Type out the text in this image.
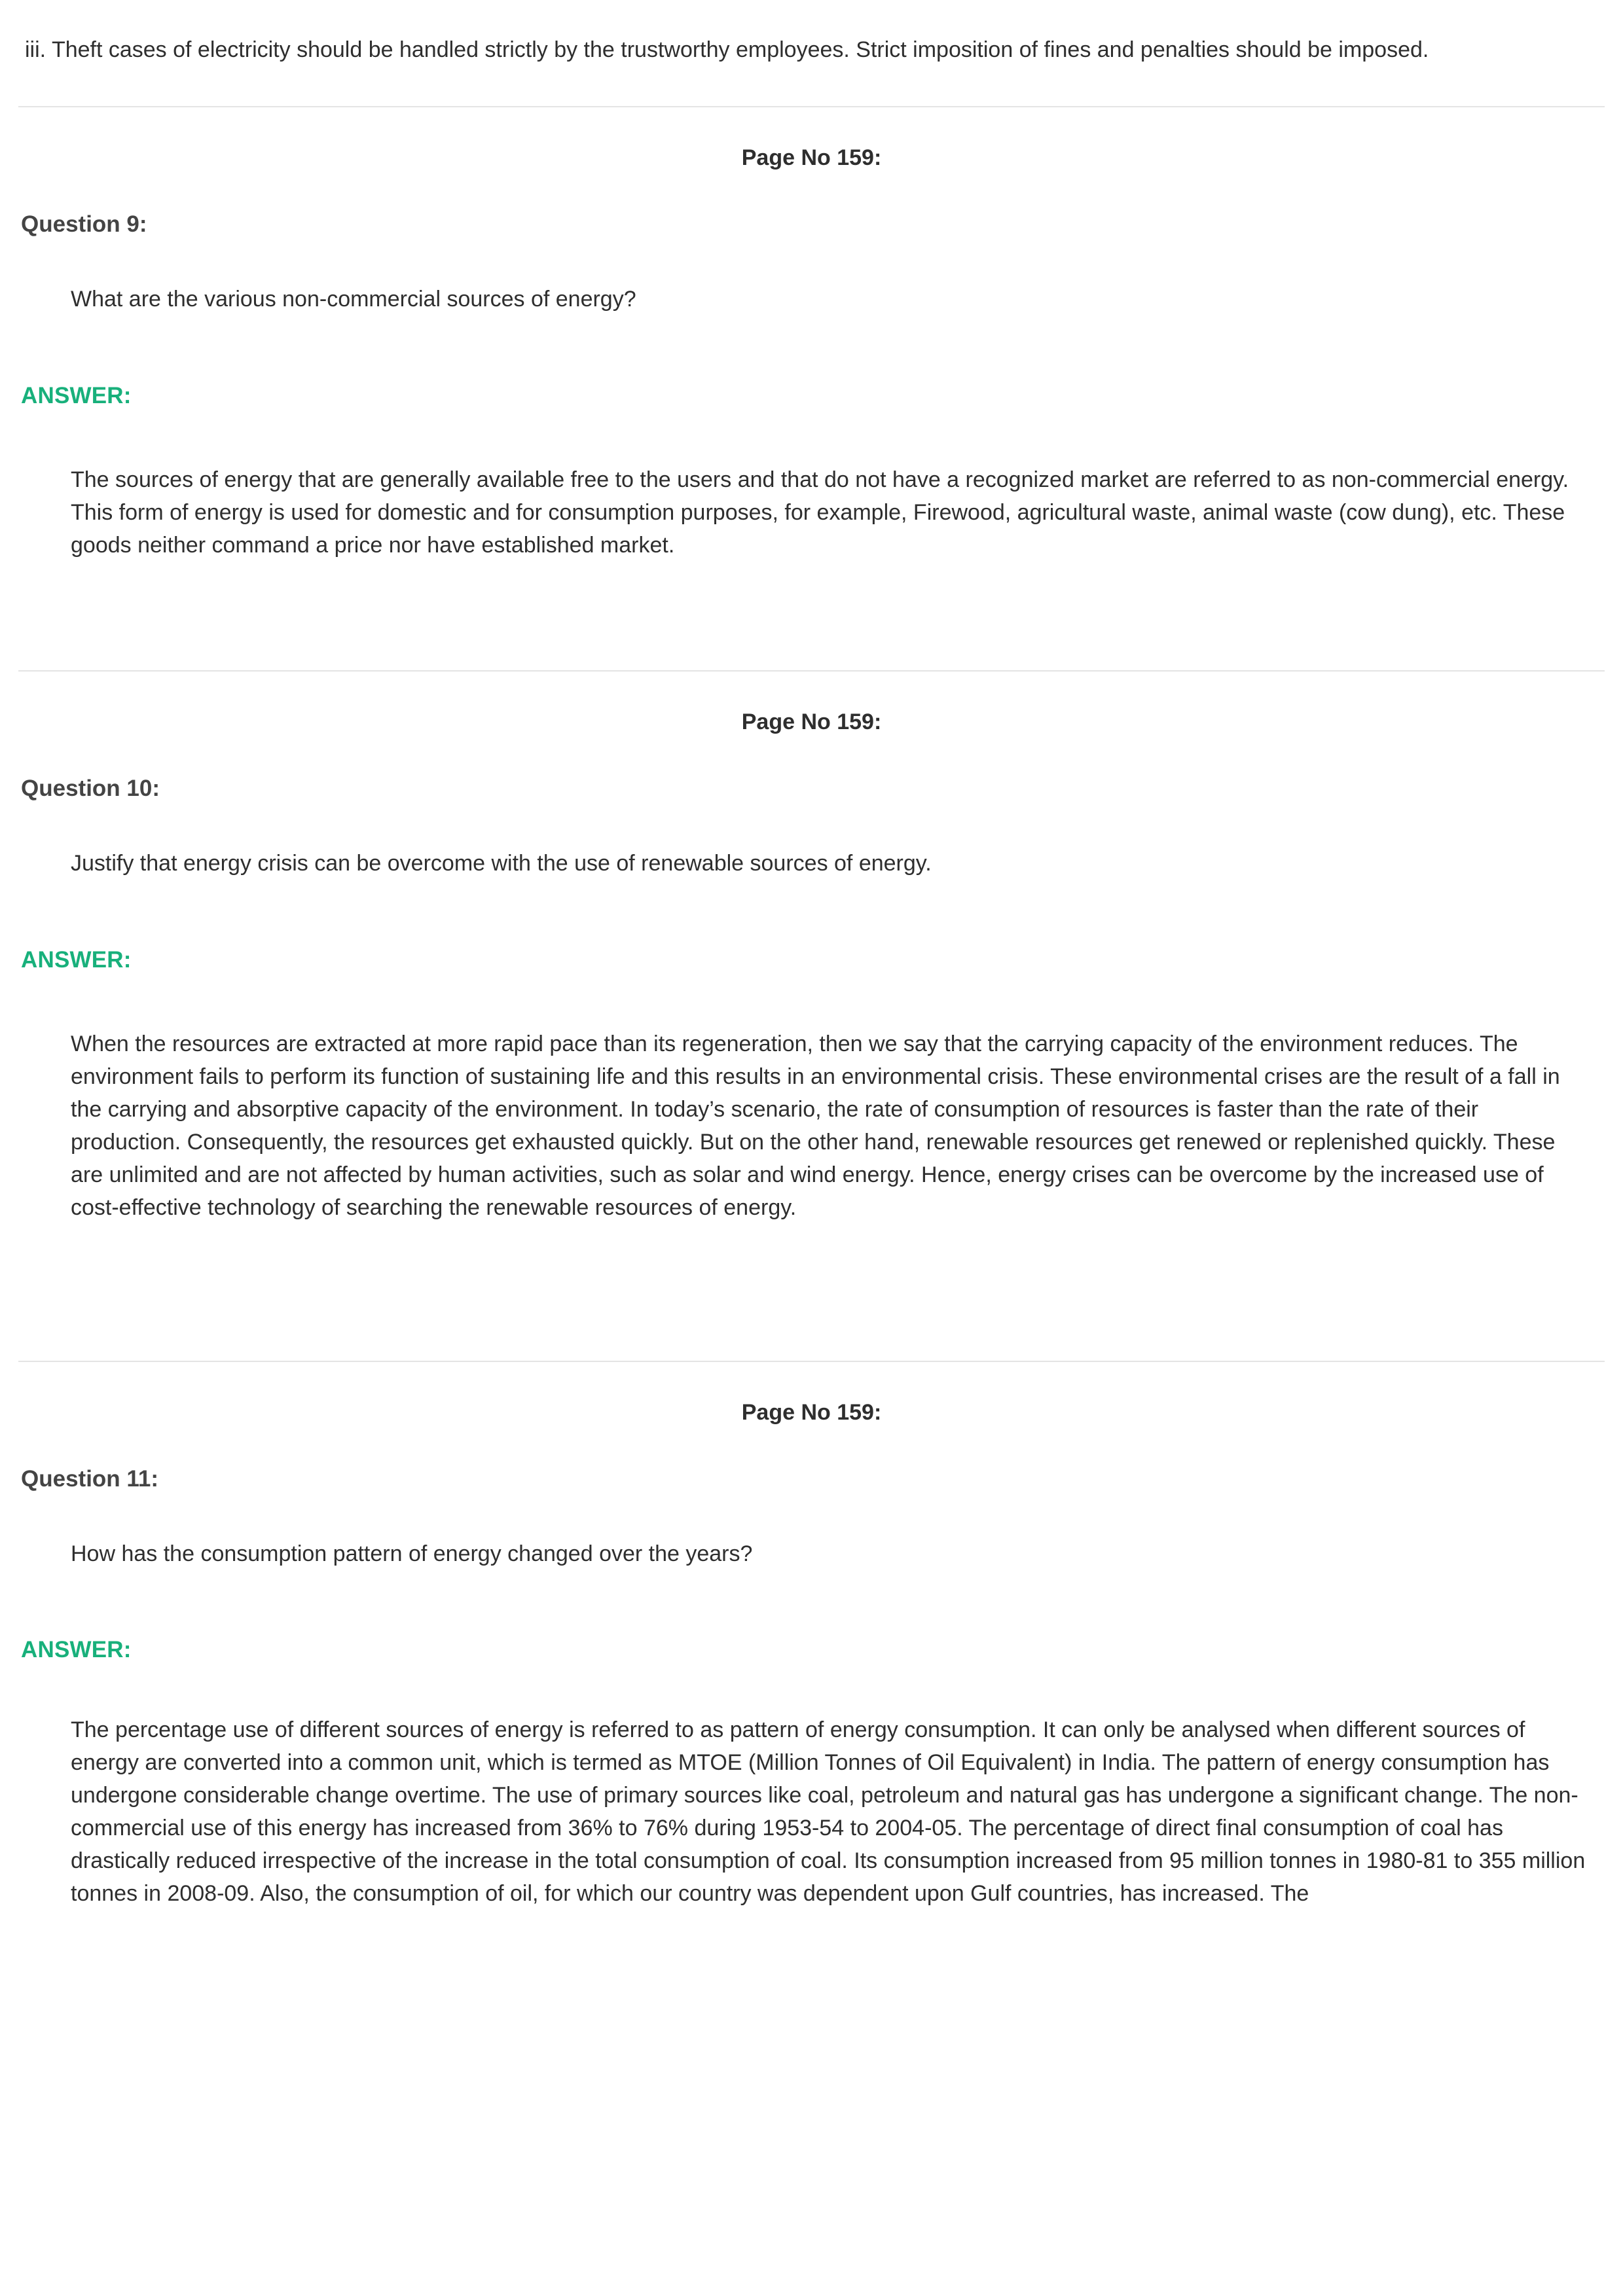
iii. Theft cases of electricity should be handled strictly by the trustworthy employees. Strict imposition of fines and penalties should be imposed.

Page No 159:
Question 9:

What are the various non-commercial sources of energy?

ANSWER:

The sources of energy that are generally available free to the users and that do not have a recognized market are referred to as non-commercial energy. This form of energy is used for domestic and for consumption purposes, for example, Firewood, agricultural waste, animal waste (cow dung), etc. These goods neither command a price nor have established market.

Page No 159:
Question 10:

Justify that energy crisis can be overcome with the use of renewable sources of energy.

ANSWER:

When the resources are extracted at more rapid pace than its regeneration, then we say that the carrying capacity of the environment reduces. The environment fails to perform its function of sustaining life and this results in an environmental crisis. These environmental crises are the result of a fall in the carrying and absorptive capacity of the environment. In today’s scenario, the rate of consumption of resources is faster than the rate of their production. Consequently, the resources get exhausted quickly. But on the other hand, renewable resources get renewed or replenished quickly. These are unlimited and are not affected by human activities, such as solar and wind energy. Hence, energy crises can be overcome by the increased use of cost-effective technology of searching the renewable resources of energy.

Page No 159:
Question 11:

How has the consumption pattern of energy changed over the years?

ANSWER:

The percentage use of different sources of energy is referred to as pattern of energy consumption. It can only be analysed when different sources of energy are converted into a common unit, which is termed as MTOE (Million Tonnes of Oil Equivalent) in India. The pattern of energy consumption has undergone considerable change overtime. The use of primary sources like coal, petroleum and natural gas has undergone a significant change. The non-commercial use of this energy has increased from 36% to 76% during 1953-54 to 2004-05. The percentage of direct final consumption of coal has drastically reduced irrespective of the increase in the total consumption of coal. Its consumption increased from 95 million tonnes in 1980-81 to 355 million tonnes in 2008-09. Also, the consumption of oil, for which our country was dependent upon Gulf countries, has increased. The
